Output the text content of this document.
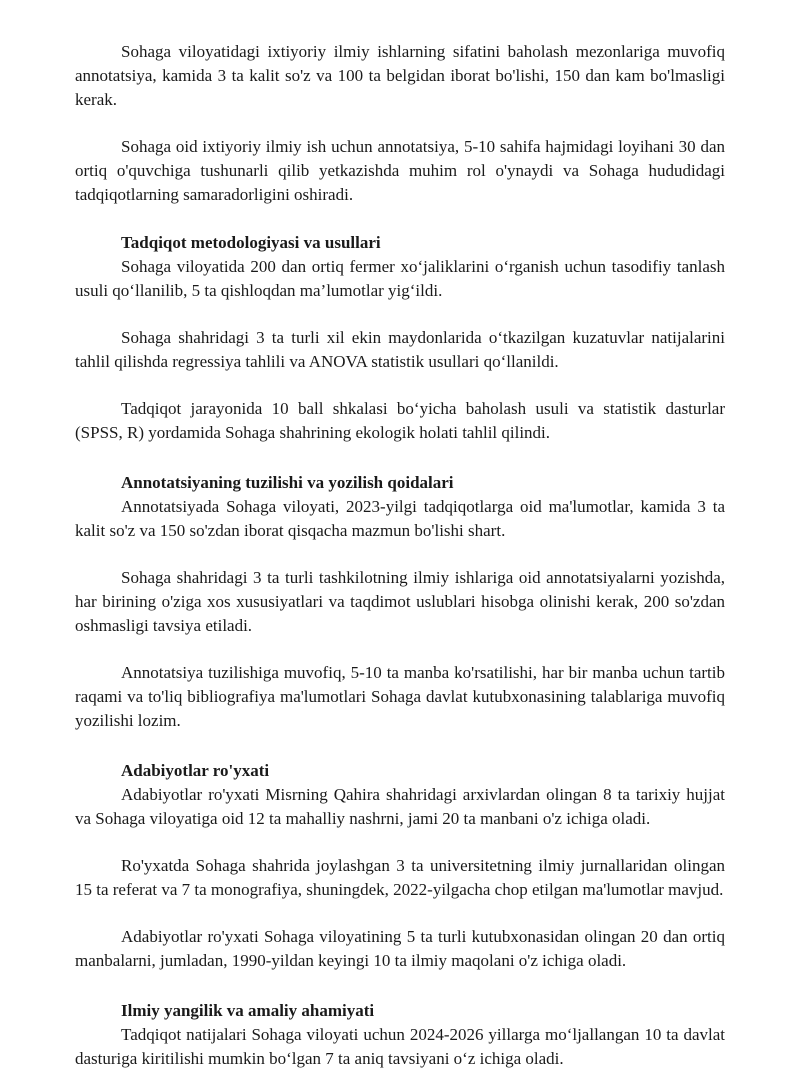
Sohaga viloyatidagi ixtiyoriy ilmiy ishlarning sifatini baholash mezonlariga muvofiq annotatsiya, kamida 3 ta kalit so'z va 100 ta belgidan iborat bo'lishi, 150 dan kam bo'lmasligi kerak.

Sohaga oid ixtiyoriy ilmiy ish uchun annotatsiya, 5-10 sahifa hajmidagi loyihani 30 dan ortiq o'quvchiga tushunarli qilib yetkazishda muhim rol o'ynaydi va Sohaga hududidagi tadqiqotlarning samaradorligini oshiradi.

Tadqiqot metodologiyasi va usullari

Sohaga viloyatida 200 dan ortiq fermer xo‘jaliklarini o‘rganish uchun tasodifiy tanlash usuli qo‘llanilib, 5 ta qishloqdan ma’lumotlar yig‘ildi.

Sohaga shahridagi 3 ta turli xil ekin maydonlarida o‘tkazilgan kuzatuvlar natijalarini tahlil qilishda regressiya tahlili va ANOVA statistik usullari qo‘llanildi.

Tadqiqot jarayonida 10 ball shkalasi bo‘yicha baholash usuli va statistik dasturlar (SPSS, R) yordamida Sohaga shahrining ekologik holati tahlil qilindi.

Annotatsiyaning tuzilishi va yozilish qoidalari

Annotatsiyada Sohaga viloyati, 2023-yilgi tadqiqotlarga oid ma'lumotlar, kamida 3 ta kalit so'z va 150 so'zdan iborat qisqacha mazmun bo'lishi shart.

Sohaga shahridagi 3 ta turli tashkilotning ilmiy ishlariga oid annotatsiyalarni yozishda, har birining o'ziga xos xususiyatlari va taqdimot uslublari hisobga olinishi kerak, 200 so'zdan oshmasligi tavsiya etiladi.

Annotatsiya tuzilishiga muvofiq, 5-10 ta manba ko'rsatilishi, har bir manba uchun tartib raqami va to'liq bibliografiya ma'lumotlari Sohaga davlat kutubxonasining talablariga muvofiq yozilishi lozim.

Adabiyotlar ro'yxati

Adabiyotlar ro'yxati Misrning Qahira shahridagi arxivlardan olingan 8 ta tarixiy hujjat va Sohaga viloyatiga oid 12 ta mahalliy nashrni, jami 20 ta manbani o'z ichiga oladi.

Ro'yxatda Sohaga shahrida joylashgan 3 ta universitetning ilmiy jurnallaridan olingan 15 ta referat va 7 ta monografiya, shuningdek, 2022-yilgacha chop etilgan ma'lumotlar mavjud.

Adabiyotlar ro'yxati Sohaga viloyatining 5 ta turli kutubxonasidan olingan 20 dan ortiq manbalarni, jumladan, 1990-yildan keyingi 10 ta ilmiy maqolani o'z ichiga oladi.

Ilmiy yangilik va amaliy ahamiyati

Tadqiqot natijalari Sohaga viloyati uchun 2024-2026 yillarga mo‘ljallangan 10 ta davlat dasturiga kiritilishi mumkin bo‘lgan 7 ta aniq tavsiyani o‘z ichiga oladi.
